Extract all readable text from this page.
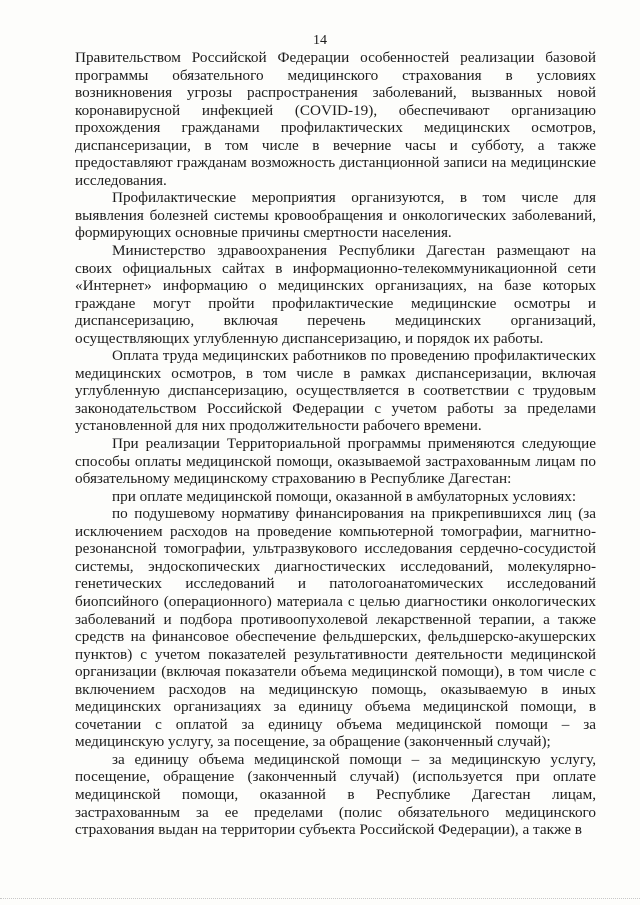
14

Правительством Российской Федерации особенностей реализации базовой программы обязательного медицинского страхования в условиях возникновения угрозы распространения заболеваний, вызванных новой коронавирусной инфекцией (COVID-19), обеспечивают организацию прохождения гражданами профилактических медицинских осмотров, диспансеризации, в том числе в вечерние часы и субботу, а также предоставляют гражданам возможность дистанционной записи на медицинские исследования.

Профилактические мероприятия организуются, в том числе для выявления болезней системы кровообращения и онкологических заболеваний, формирующих основные причины смертности населения.

Министерство здравоохранения Республики Дагестан размещают на своих официальных сайтах в информационно-телекоммуникационной сети «Интернет» информацию о медицинских организациях, на базе которых граждане могут пройти профилактические медицинские осмотры и диспансеризацию, включая перечень медицинских организаций, осуществляющих углубленную диспансеризацию, и порядок их работы.

Оплата труда медицинских работников по проведению профилактических медицинских осмотров, в том числе в рамках диспансеризации, включая углубленную диспансеризацию, осуществляется в соответствии с трудовым законодательством Российской Федерации с учетом работы за пределами установленной для них продолжительности рабочего времени.

При реализации Территориальной программы применяются следующие способы оплаты медицинской помощи, оказываемой застрахованным лицам по обязательному медицинскому страхованию в Республике Дагестан:

при оплате медицинской помощи, оказанной в амбулаторных условиях:

по подушевому нормативу финансирования на прикрепившихся лиц (за исключением расходов на проведение компьютерной томографии, магнитно-резонансной томографии, ультразвукового исследования сердечно-сосудистой системы, эндоскопических диагностических исследований, молекулярно-генетических исследований и патологоанатомических исследований биопсийного (операционного) материала с целью диагностики онкологических заболеваний и подбора противоопухолевой лекарственной терапии, а также средств на финансовое обеспечение фельдшерских, фельдшерско-акушерских пунктов) с учетом показателей результативности деятельности медицинской организации (включая показатели объема медицинской помощи), в том числе с включением расходов на медицинскую помощь, оказываемую в иных медицинских организациях за единицу объема медицинской помощи, в сочетании с оплатой за единицу объема медицинской помощи – за медицинскую услугу, за посещение, за обращение (законченный случай);

за единицу объема медицинской помощи – за медицинскую услугу, посещение, обращение (законченный случай) (используется при оплате медицинской помощи, оказанной в Республике Дагестан лицам, застрахованным за ее пределами (полис обязательного медицинского страхования выдан на территории субъекта Российской Федерации), а также в
